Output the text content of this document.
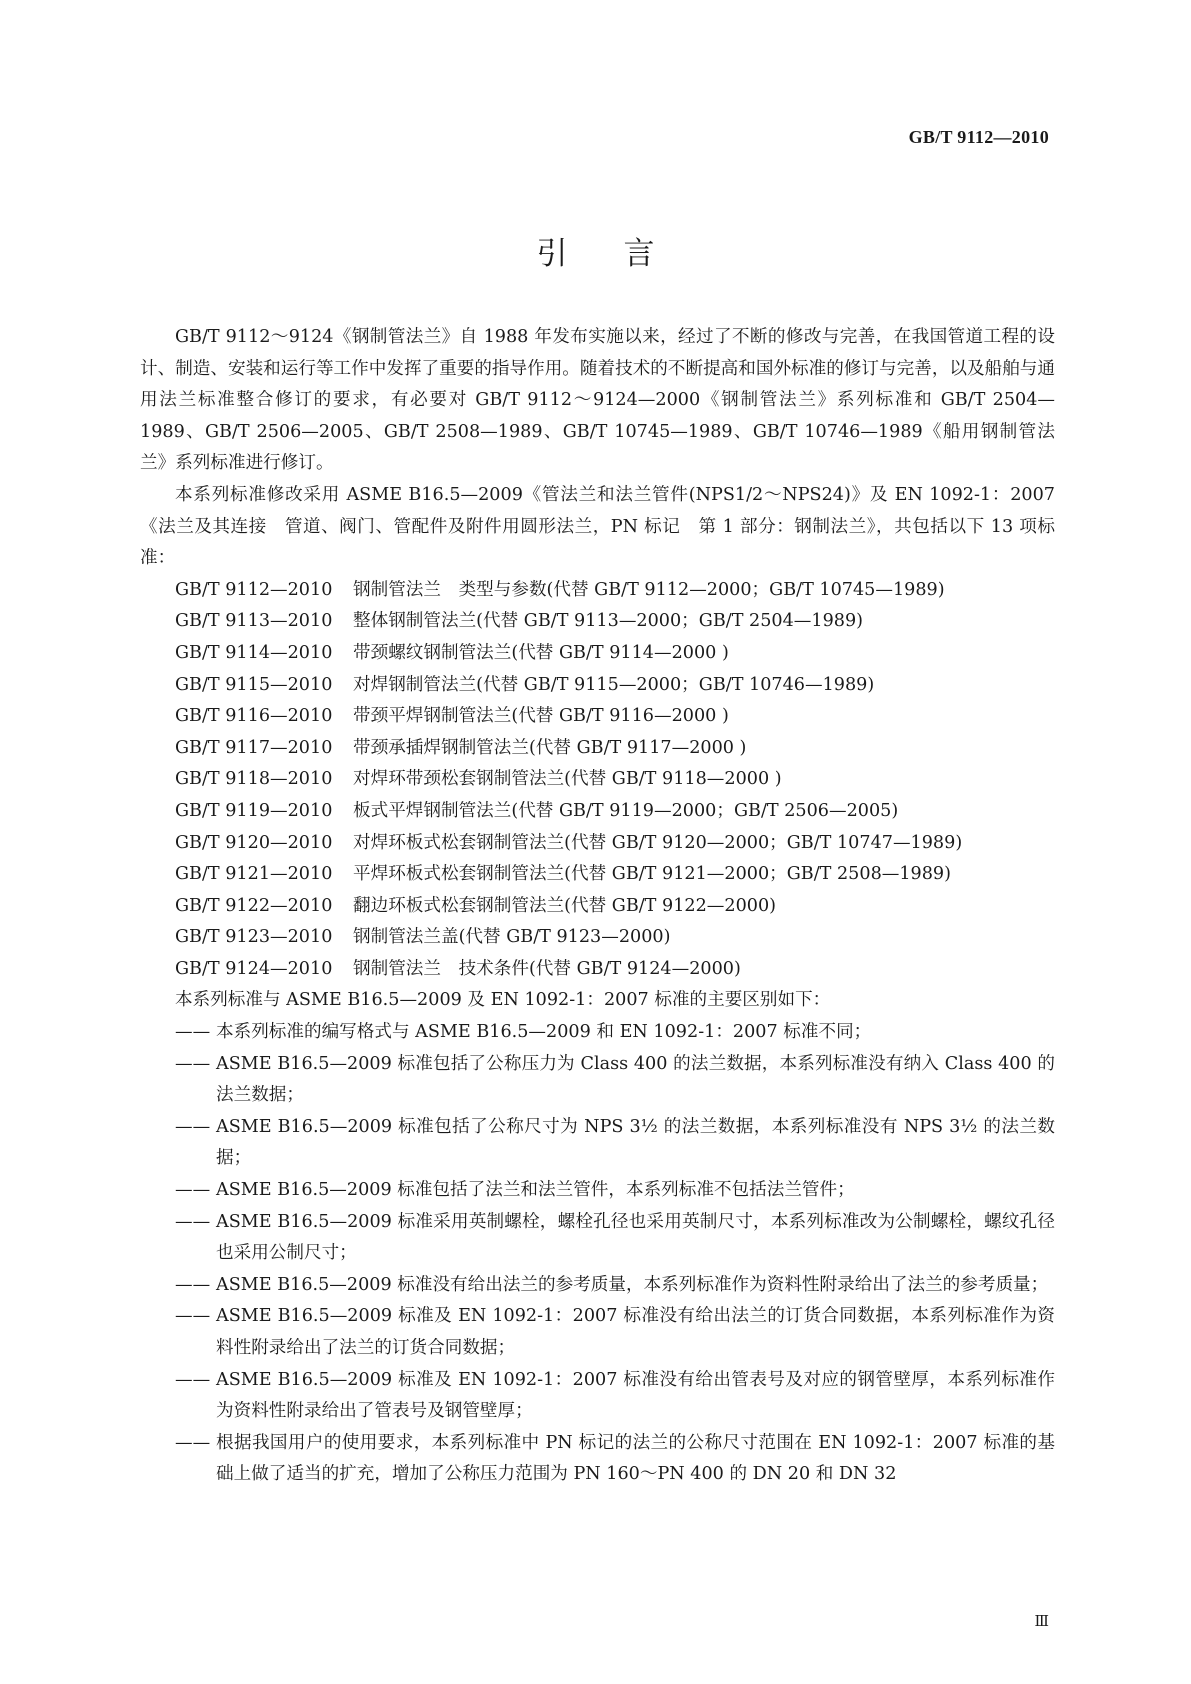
GB/T 9112—2010
引言

GB/T 9112～9124《钢制管法兰》自 1988 年发布实施以来，经过了不断的修改与完善，在我国管道工程的设计、制造、安装和运行等工作中发挥了重要的指导作用。随着技术的不断提高和国外标准的修订与完善，以及船舶与通用法兰标准整合修订的要求，有必要对 GB/T 9112～9124—2000《钢制管法兰》系列标准和 GB/T 2504—1989、GB/T 2506—2005、GB/T 2508—1989、GB/T 10745—1989、GB/T 10746—1989《船用钢制管法兰》系列标准进行修订。

本系列标准修改采用 ASME B16.5—2009《管法兰和法兰管件(NPS1/2～NPS24)》及 EN 1092-1：2007《法兰及其连接　管道、阀门、管配件及附件用圆形法兰，PN 标记　第 1 部分：钢制法兰》，共包括以下 13 项标准：

GB/T 9112—2010 钢制管法兰　类型与参数(代替 GB/T 9112—2000；GB/T 10745—1989)
GB/T 9113—2010 整体钢制管法兰(代替 GB/T 9113—2000；GB/T 2504—1989)
GB/T 9114—2010 带颈螺纹钢制管法兰(代替 GB/T 9114—2000 )
GB/T 9115—2010 对焊钢制管法兰(代替 GB/T 9115—2000；GB/T 10746—1989)
GB/T 9116—2010 带颈平焊钢制管法兰(代替 GB/T 9116—2000 )
GB/T 9117—2010 带颈承插焊钢制管法兰(代替 GB/T 9117—2000 )
GB/T 9118—2010 对焊环带颈松套钢制管法兰(代替 GB/T 9118—2000 )
GB/T 9119—2010 板式平焊钢制管法兰(代替 GB/T 9119—2000；GB/T 2506—2005)
GB/T 9120—2010 对焊环板式松套钢制管法兰(代替 GB/T 9120—2000；GB/T 10747—1989)
GB/T 9121—2010 平焊环板式松套钢制管法兰(代替 GB/T 9121—2000；GB/T 2508—1989)
GB/T 9122—2010 翻边环板式松套钢制管法兰(代替 GB/T 9122—2000)
GB/T 9123—2010 钢制管法兰盖(代替 GB/T 9123—2000)
GB/T 9124—2010 钢制管法兰　技术条件(代替 GB/T 9124—2000)

本系列标准与 ASME B16.5—2009 及 EN 1092-1：2007 标准的主要区别如下：

—— 本系列标准的编写格式与 ASME B16.5—2009 和 EN 1092-1：2007 标准不同；
—— ASME B16.5—2009 标准包括了公称压力为 Class 400 的法兰数据，本系列标准没有纳入 Class 400 的法兰数据；
—— ASME B16.5—2009 标准包括了公称尺寸为 NPS 3½ 的法兰数据，本系列标准没有 NPS 3½ 的法兰数据；
—— ASME B16.5—2009 标准包括了法兰和法兰管件，本系列标准不包括法兰管件；
—— ASME B16.5—2009 标准采用英制螺栓，螺栓孔径也采用英制尺寸，本系列标准改为公制螺栓，螺纹孔径也采用公制尺寸；
—— ASME B16.5—2009 标准没有给出法兰的参考质量，本系列标准作为资料性附录给出了法兰的参考质量；
—— ASME B16.5—2009 标准及 EN 1092-1：2007 标准没有给出法兰的订货合同数据，本系列标准作为资料性附录给出了法兰的订货合同数据；
—— ASME B16.5—2009 标准及 EN 1092-1：2007 标准没有给出管表号及对应的钢管壁厚，本系列标准作为资料性附录给出了管表号及钢管壁厚；
—— 根据我国用户的使用要求，本系列标准中 PN 标记的法兰的公称尺寸范围在 EN 1092-1：2007 标准的基础上做了适当的扩充，增加了公称压力范围为 PN 160～PN 400 的 DN 20 和 DN 32
Ⅲ
